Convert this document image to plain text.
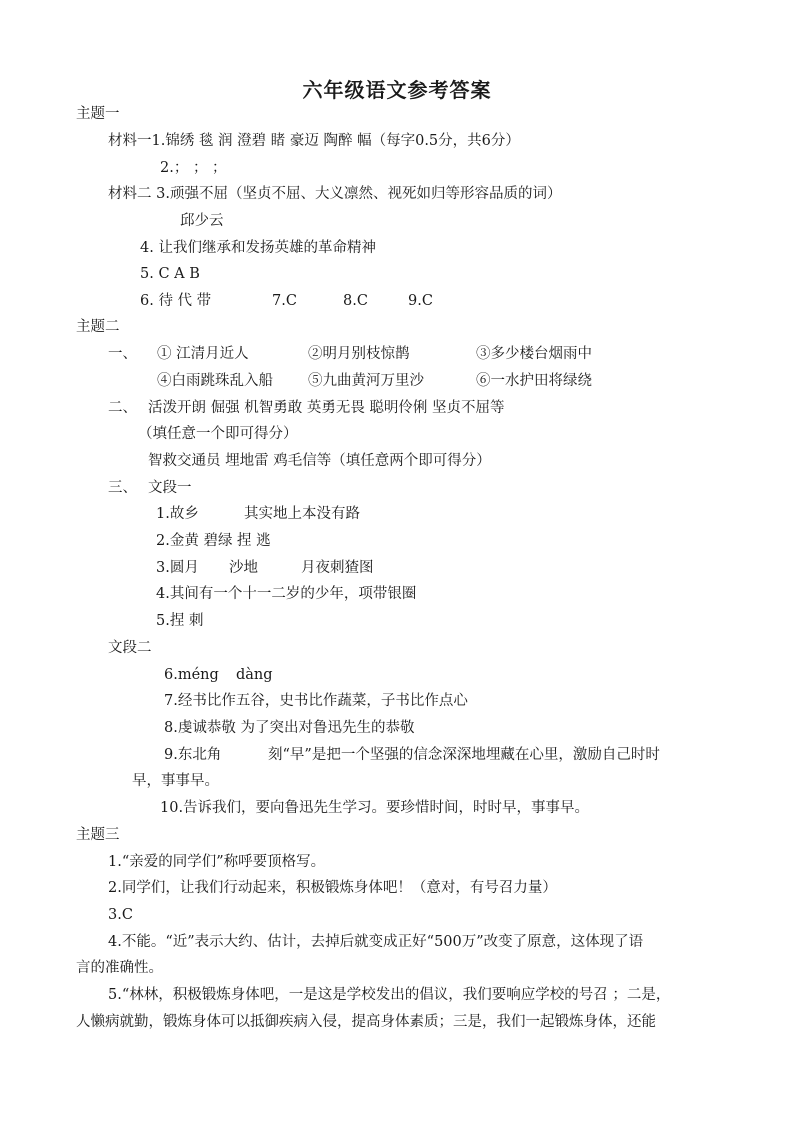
六年级语文参考答案
主题一
材料一1.锦绣 毯 润 澄碧 睹 豪迈 陶醉 幅（每字0.5分，共6分）
2.； ； ；
材料二 3.顽强不屈（坚贞不屈、大义凛然、视死如归等形容品质的词）
邱少云
4. 让我们继承和发扬英雄的革命精神
5. C A B
6. 待 代 带	7.C	8.C	9.C
主题二
一、 ① 江清月近人	②明月别枝惊鹊	③多少楼台烟雨中
④白雨跳珠乱入船 ⑤九曲黄河万里沙	⑥一水护田将绿绕
二、 活泼开朗 倔强 机智勇敢 英勇无畏 聪明伶俐 坚贞不屈等
（填任意一个即可得分）
智救交通员 埋地雷 鸡毛信等（填任意两个即可得分）
三、 文段一
1.故乡	其实地上本没有路
2.金黄 碧绿 捏 逃
3.圆月 沙地	月夜刺猹图
4.其间有一个十一二岁的少年，项带银圈
5.捏 刺
文段二
6.méng dàng
7.经书比作五谷，史书比作蔬菜，子书比作点心
8.虔诚恭敬 为了突出对鲁迅先生的恭敬
9.东北角	刻“早”是把一个坚强的信念深深地埋藏在心里，激励自己时时
早，事事早。
10.告诉我们，要向鲁迅先生学习。要珍惜时间，时时早，事事早。
主题三
1.“亲爱的同学们”称呼要顶格写。
2.同学们，让我们行动起来，积极锻炼身体吧！（意对，有号召力量）
3.C
4.不能。“近”表示大约、估计，去掉后就变成正好“500万”改变了原意，这体现了语
言的准确性。
5.“林林，积极锻炼身体吧，一是这是学校发出的倡议，我们要响应学校的号召 ；二是，
人懒病就勤，锻炼身体可以抵御疾病入侵，提高身体素质；三是，我们一起锻炼身体，还能
